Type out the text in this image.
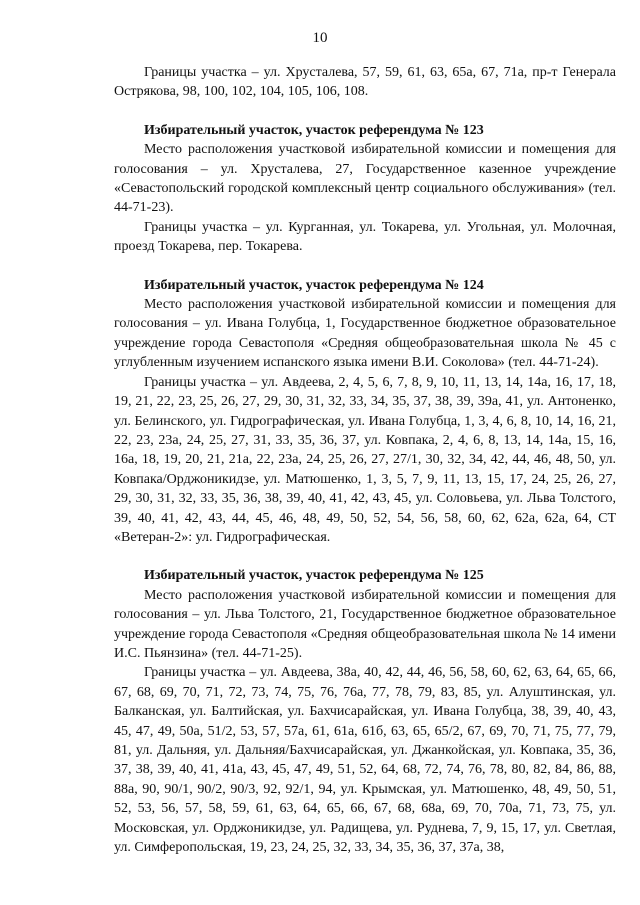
10

Границы участка – ул. Хрусталева, 57, 59, 61, 63, 65а, 67, 71а, пр-т Генерала Острякова, 98, 100, 102, 104, 105, 106, 108.

Избирательный участок, участок референдума № 123

Место расположения участковой избирательной комиссии и помещения для голосования – ул. Хрусталева, 27, Государственное казенное учреждение «Севастопольский городской комплексный центр социального обслуживания» (тел. 44-71-23).

Границы участка – ул. Курганная, ул. Токарева, ул. Угольная, ул. Молочная, проезд Токарева, пер. Токарева.

Избирательный участок, участок референдума № 124

Место расположения участковой избирательной комиссии и помещения для голосования – ул. Ивана Голубца, 1, Государственное бюджетное образовательное учреждение города Севастополя «Средняя общеобразовательная школа № 45 с углубленным изучением испанского языка имени В.И. Соколова» (тел. 44-71-24).

Границы участка – ул. Авдеева, 2, 4, 5, 6, 7, 8, 9, 10, 11, 13, 14, 14а, 16, 17, 18, 19, 21, 22, 23, 25, 26, 27, 29, 30, 31, 32, 33, 34, 35, 37, 38, 39, 39а, 41, ул. Антоненко, ул. Белинского, ул. Гидрографическая, ул. Ивана Голубца, 1, 3, 4, 6, 8, 10, 14, 16, 21, 22, 23, 23а, 24, 25, 27, 31, 33, 35, 36, 37, ул. Ковпака, 2, 4, 6, 8, 13, 14, 14а, 15, 16, 16а, 18, 19, 20, 21, 21а, 22, 23а, 24, 25, 26, 27, 27/1, 30, 32, 34, 42, 44, 46, 48, 50, ул. Ковпака/Орджоникидзе, ул. Матюшенко, 1, 3, 5, 7, 9, 11, 13, 15, 17, 24, 25, 26, 27, 29, 30, 31, 32, 33, 35, 36, 38, 39, 40, 41, 42, 43, 45, ул. Соловьева, ул. Льва Толстого, 39, 40, 41, 42, 43, 44, 45, 46, 48, 49, 50, 52, 54, 56, 58, 60, 62, 62а, 62а, 64, СТ «Ветеран-2»: ул. Гидрографическая.

Избирательный участок, участок референдума № 125

Место расположения участковой избирательной комиссии и помещения для голосования – ул. Льва Толстого, 21, Государственное бюджетное образовательное учреждение города Севастополя «Средняя общеобразовательная школа № 14 имени И.С. Пьянзина» (тел. 44-71-25).

Границы участка – ул. Авдеева, 38а, 40, 42, 44, 46, 56, 58, 60, 62, 63, 64, 65, 66, 67, 68, 69, 70, 71, 72, 73, 74, 75, 76, 76а, 77, 78, 79, 83, 85, ул. Алуштинская, ул. Балканская, ул. Балтийская, ул. Бахчисарайская, ул. Ивана Голубца, 38, 39, 40, 43, 45, 47, 49, 50а, 51/2, 53, 57, 57а, 61, 61а, 61б, 63, 65, 65/2, 67, 69, 70, 71, 75, 77, 79, 81, ул. Дальняя, ул. Дальняя/Бахчисарайская, ул. Джанкойская, ул. Ковпака, 35, 36, 37, 38, 39, 40, 41, 41а, 43, 45, 47, 49, 51, 52, 64, 68, 72, 74, 76, 78, 80, 82, 84, 86, 88, 88а, 90, 90/1, 90/2, 90/3, 92, 92/1, 94, ул. Крымская, ул. Матюшенко, 48, 49, 50, 51, 52, 53, 56, 57, 58, 59, 61, 63, 64, 65, 66, 67, 68, 68а, 69, 70, 70а, 71, 73, 75, ул. Московская, ул. Орджоникидзе, ул. Радищева, ул. Руднева, 7, 9, 15, 17, ул. Светлая, ул. Симферопольская, 19, 23, 24, 25, 32, 33, 34, 35, 36, 37, 37а, 38,
